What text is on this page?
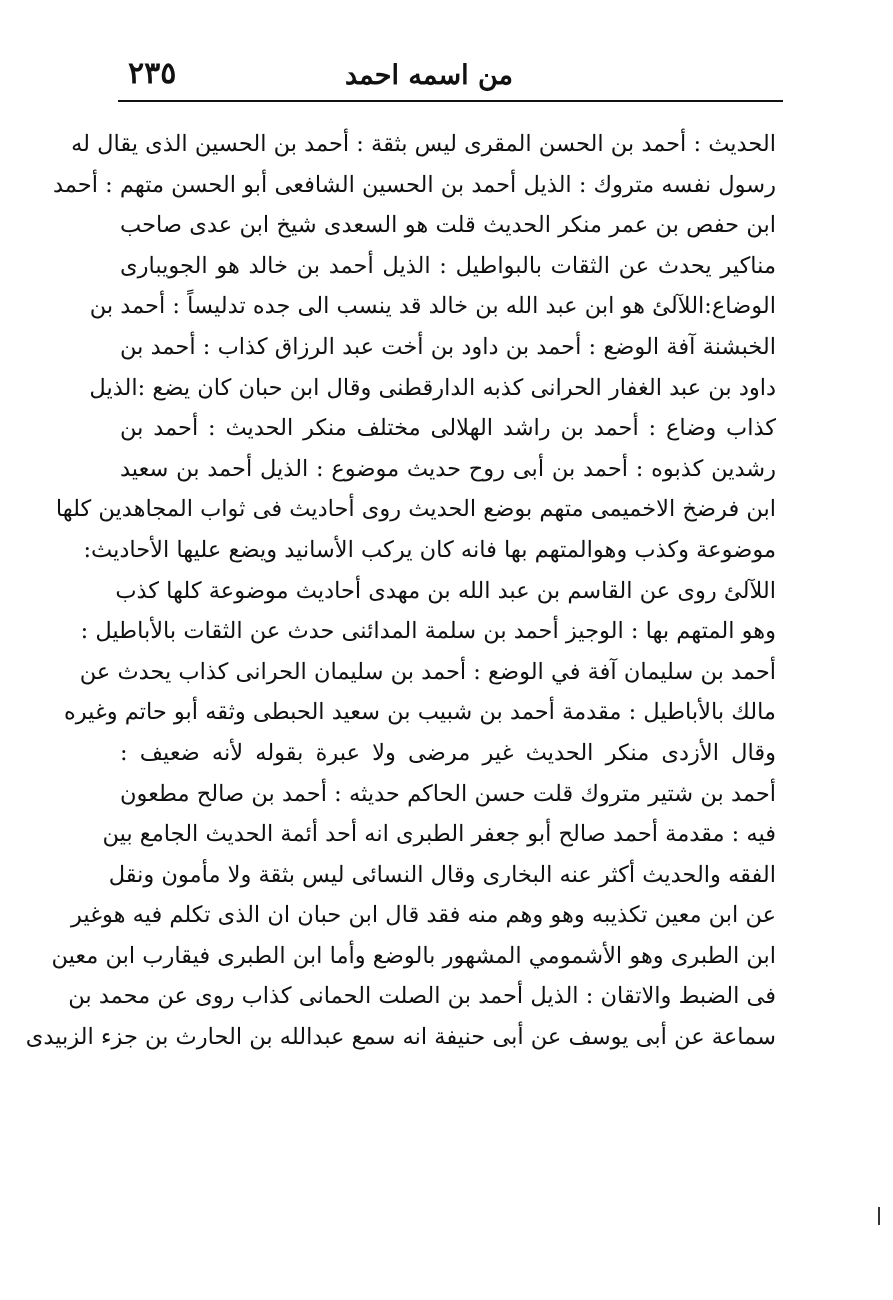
من اسمه احمد
٢٣٥
الحديث : أحمد بن الحسن المقرى ليس بثقة : أحمد بن الحسين الذى يقال له
رسول نفسه متروك : الذيل أحمد بن الحسين الشافعى أبو الحسن متهم : أحمد
ابن حفص بن عمر منكر الحديث قلت هو السعدى شيخ ابن عدى صاحب
مناكير يحدث عن الثقات بالبواطيل : الذيل أحمد بن خالد هو الجويبارى
الوضاع:اللآلئ هو ابن عبد الله بن خالد قد ينسب الى جده تدليساً : أحمد بن
الخبشنة آفة الوضع : أحمد بن داود بن أخت عبد الرزاق كذاب : أحمد بن
داود بن عبد الغفار الحرانى كذبه الدارقطنى وقال ابن حبان كان يضع :الذيل
كذاب وضاع : أحمد بن راشد الهلالى مختلف منكر الحديث : أحمد بن
رشدين كذبوه : أحمد بن أبى روح حديث موضوع : الذيل أحمد بن سعيد
ابن فرضخ الاخميمى متهم بوضع الحديث روى أحاديث فى ثواب المجاهدين كلها
موضوعة وكذب وهوالمتهم بها فانه كان يركب الأسانيد ويضع عليها الأحاديث:
اللآلئ روى عن القاسم بن عبد الله بن مهدى أحاديث موضوعة كلها كذب
وهو المتهم بها : الوجيز أحمد بن سلمة المدائنى حدث عن الثقات بالأباطيل :
أحمد بن سليمان آفة في الوضع : أحمد بن سليمان الحرانى كذاب يحدث عن
مالك بالأباطيل : مقدمة أحمد بن شبيب بن سعيد الحبطى وثقه أبو حاتم وغيره
وقال الأزدى منكر الحديث غير مرضى ولا عبرة بقوله لأنه ضعيف :
أحمد بن شتير متروك قلت حسن الحاكم حديثه : أحمد بن صالح مطعون
فيه : مقدمة أحمد صالح أبو جعفر الطبرى انه أحد أئمة الحديث الجامع بين
الفقه والحديث أكثر عنه البخارى وقال النسائى ليس بثقة ولا مأمون ونقل
عن ابن معين تكذيبه وهو وهم منه فقد قال ابن حبان ان الذى تكلم فيه هوغير
ابن الطبرى وهو الأشمومي المشهور بالوضع وأما ابن الطبرى فيقارب ابن معين
فى الضبط والاتقان : الذيل أحمد بن الصلت الحمانى كذاب روى عن محمد بن
سماعة عن أبى يوسف عن أبى حنيفة انه سمع عبدالله بن الحارث بن جزء الزبيدى
